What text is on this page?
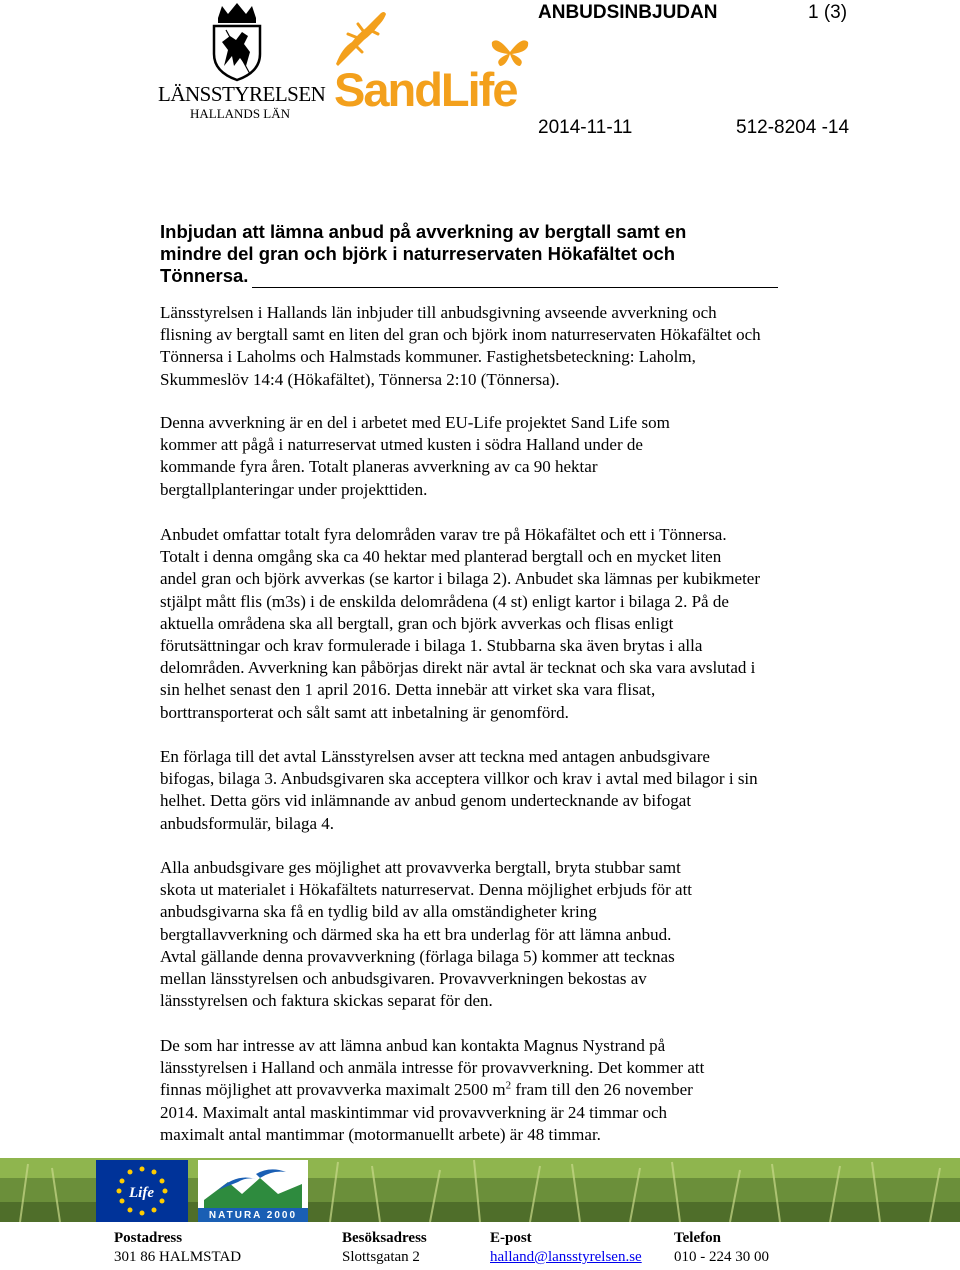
ANBUDSINBJUDAN	1 (3)
2014-11-11	512-8204 -14
LÄNSSTYRELSEN
HALLANDS LÄN SandLife
Inbjudan att lämna anbud på avverkning av bergtall samt en
mindre del gran och björk i naturreservaten Hökafältet och
Tönnersa.
Länsstyrelsen i Hallands län inbjuder till anbudsgivning avseende avverkning och
flisning av bergtall samt en liten del gran och björk inom naturreservaten Hökafältet och
Tönnersa i Laholms och Halmstads kommuner. Fastighetsbeteckning: Laholm,
Skummeslöv 14:4 (Hökafältet), Tönnersa 2:10 (Tönnersa).
Denna avverkning är en del i arbetet med EU-Life projektet Sand Life som
kommer att pågå i naturreservat utmed kusten i södra Halland under de
kommande fyra åren. Totalt planeras avverkning av ca 90 hektar
bergtallplanteringar under projekttiden.
Anbudet omfattar totalt fyra delområden varav tre på Hökafältet och ett i Tönnersa.
Totalt i denna omgång ska ca 40 hektar med planterad bergtall och en mycket liten
andel gran och björk avverkas (se kartor i bilaga 2). Anbudet ska lämnas per kubikmeter
stjälpt mått flis (m3s) i de enskilda delområdena (4 st) enligt kartor i bilaga 2. På de
aktuella områdena ska all bergtall, gran och björk avverkas och flisas enligt
förutsättningar och krav formulerade i bilaga 1. Stubbarna ska även brytas i alla
delområden. Avverkning kan påbörjas direkt när avtal är tecknat och ska vara avslutad i
sin helhet senast den 1 april 2016. Detta innebär att virket ska vara flisat,
borttransporterat och sålt samt att inbetalning är genomförd.
En förlaga till det avtal Länsstyrelsen avser att teckna med antagen anbudsgivare
bifogas, bilaga 3. Anbudsgivaren ska acceptera villkor och krav i avtal med bilagor i sin
helhet. Detta görs vid inlämnande av anbud genom undertecknande av bifogat
anbudsformulär, bilaga 4.
Alla anbudsgivare ges möjlighet att provavverka bergtall, bryta stubbar samt
skota ut materialet i Hökafältets naturreservat. Denna möjlighet erbjuds för att
anbudsgivarna ska få en tydlig bild av alla omständigheter kring
bergtallavverkning och därmed ska ha ett bra underlag för att lämna anbud.
Avtal gällande denna provavverkning (förlaga bilaga 5) kommer att tecknas
mellan länsstyrelsen och anbudsgivaren. Provavverkningen bekostas av
länsstyrelsen och faktura skickas separat för den.
De som har intresse av att lämna anbud kan kontakta Magnus Nystrand på
länsstyrelsen i Halland och anmäla intresse för provavverkning. Det kommer att
finnas möjlighet att provavverka maximalt 2500 $m^2$ fram till den 26 november
2014. Maximalt antal maskintimmar vid provavverkning är 24 timmar och
maximalt antal mantimmar (motormanuellt arbete) är 48 timmar.
Life
NATURA 2000
Postadress	Besöksadress	E-post	Telefon
301 86 HALMSTAD	Slottsgatan 2	halland@lansstyrelsen.se 010 - 224 30 00
